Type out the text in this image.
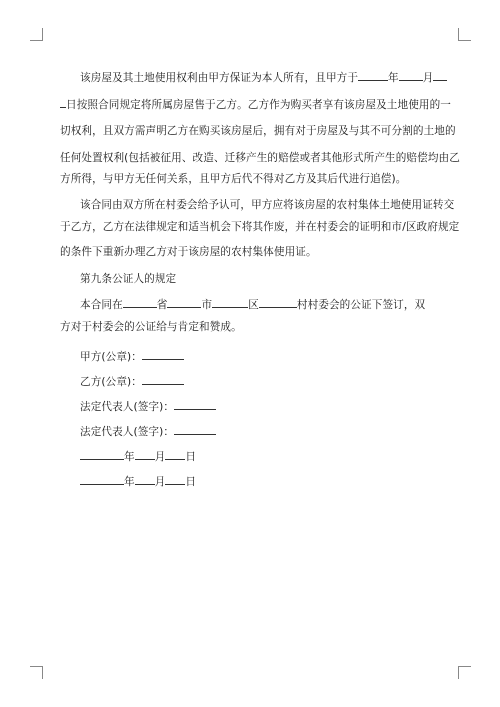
该房屋及其土地使用权利由甲方保证为本人所有，且甲方于	年 月
日按照合同规定将所属房屋售于乙方。乙方作为购买者享有该房屋及土地使用的一
切权利，且双方需声明乙方在购买该房屋后，拥有对于房屋及与其不可分割的土地的
任何处置权利(包括被征用、改造、迁移产生的赔偿或者其他形式所产生的赔偿均由乙
方所得，与甲方无任何关系，且甲方后代不得对乙方及其后代进行追偿)。
该合同由双方所在村委会给予认可，甲方应将该房屋的农村集体土地使用证转交
于乙方，乙方在法律规定和适当机会下将其作废，并在村委会的证明和市/区政府规定
的条件下重新办理乙方对于该房屋的农村集体使用证。
第九条公证人的规定
本合同在	省	市	区	村村委会的公证下签订，双
方对于村委会的公证给与肯定和赞成。
甲方(公章)：
乙方(公章)：
法定代表人(签字)：
法定代表人(签字)：
年 月 日
年 月 日
